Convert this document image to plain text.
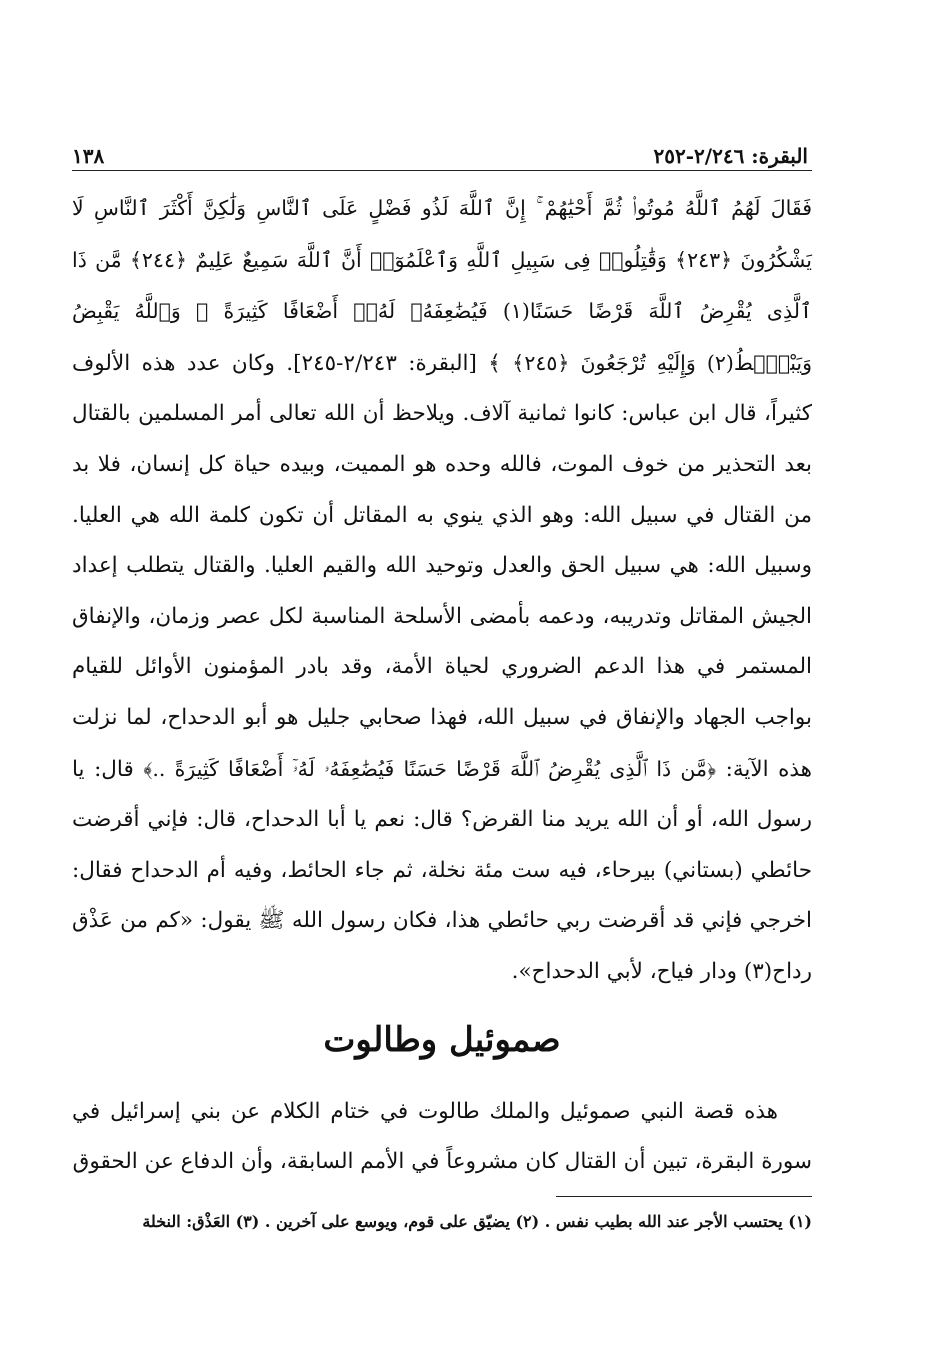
البقرة: ٢/٢٤٦-٢٥٢
١٣٨

فَقَالَ لَهُمُ ٱللَّهُ مُوتُوا۟ ثُمَّ أَحْيَٰهُمْ ۚ إِنَّ ٱللَّهَ لَذُو فَضْلٍ عَلَى ٱلنَّاسِ وَلَٰكِنَّ أَكْثَرَ ٱلنَّاسِ لَا يَشْكُرُونَ ﴿٢٤٣﴾ وَقَٰتِلُوا۟ فِى سَبِيلِ ٱللَّهِ وَٱعْلَمُوٓا۟ أَنَّ ٱللَّهَ سَمِيعٌ عَلِيمٌ ﴿٢٤٤﴾ مَّن ذَا ٱلَّذِى يُقْرِضُ ٱللَّهَ قَرْضًا حَسَنًا(١) فَيُضَٰعِفَهُۥ لَهُۥٓ أَضْعَافًا كَثِيرَةً ۚ وَٱللَّهُ يَقْبِضُ وَيَبْصُۜطُ(٢) وَإِلَيْهِ تُرْجَعُونَ ﴿٢٤٥﴾ ﴾ [البقرة: ٢/٢٤٣-٢٤٥]. وكان عدد هذه الألوف كثيراً، قال ابن عباس: كانوا ثمانية آلاف. ويلاحظ أن الله تعالى أمر المسلمين بالقتال بعد التحذير من خوف الموت، فالله وحده هو المميت، وبيده حياة كل إنسان، فلا بد من القتال في سبيل الله: وهو الذي ينوي به المقاتل أن تكون كلمة الله هي العليا. وسبيل الله: هي سبيل الحق والعدل وتوحيد الله والقيم العليا. والقتال يتطلب إعداد الجيش المقاتل وتدريبه، ودعمه بأمضى الأسلحة المناسبة لكل عصر وزمان، والإنفاق المستمر في هذا الدعم الضروري لحياة الأمة، وقد بادر المؤمنون الأوائل للقيام بواجب الجهاد والإنفاق في سبيل الله، فهذا صحابي جليل هو أبو الدحداح، لما نزلت هذه الآية: ﴿مَّن ذَا ٱلَّذِى يُقْرِضُ ٱللَّهَ قَرْضًا حَسَنًا فَيُضَٰعِفَهُۥ لَهُۥٓ أَضْعَافًا كَثِيرَةً ..﴾ قال: يا رسول الله، أو أن الله يريد منا القرض؟ قال: نعم يا أبا الدحداح، قال: فإني أقرضت حائطي (بستاني) بيرحاء، فيه ست مئة نخلة، ثم جاء الحائط، وفيه أم الدحداح فقال: اخرجي فإني قد أقرضت ربي حائطي هذا، فكان رسول الله ﷺ يقول: «كم من عَذْق رداح(٣) ودار فياح، لأبي الدحداح».

صموئيل وطالوت

هذه قصة النبي صموئيل والملك طالوت في ختام الكلام عن بني إسرائيل في سورة البقرة، تبين أن القتال كان مشروعاً في الأمم السابقة، وأن الدفاع عن الحقوق

(١) يحتسب الأجر عند الله بطيب نفس . (٢) يضيّق على قوم، ويوسع على آخرين . (٣) العَذْق: النخلة
